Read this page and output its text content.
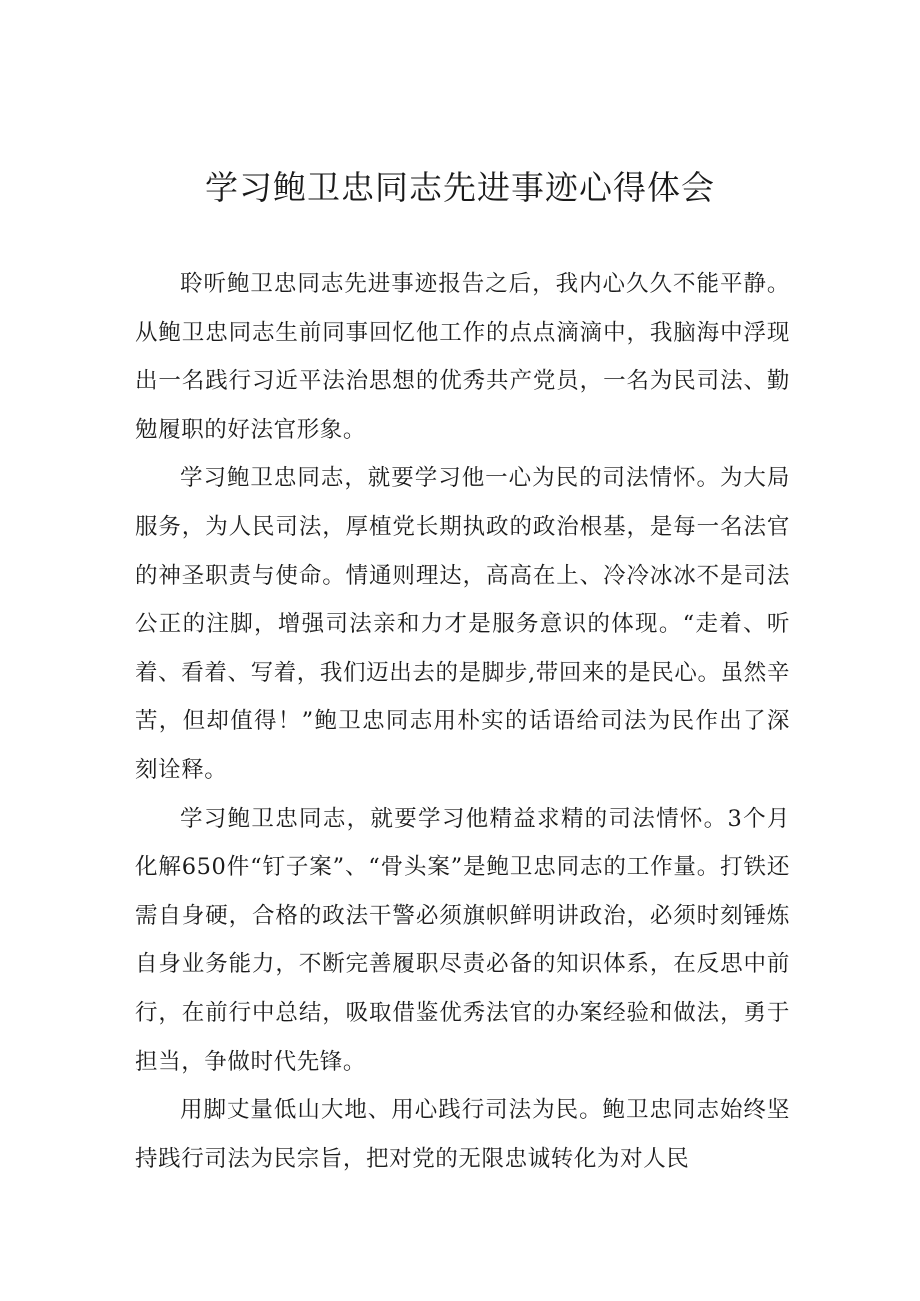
学习鲍卫忠同志先进事迹心得体会

聆听鲍卫忠同志先进事迹报告之后，我内心久久不能平静。从鲍卫忠同志生前同事回忆他工作的点点滴滴中，我脑海中浮现出一名践行习近平法治思想的优秀共产党员，一名为民司法、勤勉履职的好法官形象。

学习鲍卫忠同志，就要学习他一心为民的司法情怀。为大局服务，为人民司法，厚植党长期执政的政治根基，是每一名法官的神圣职责与使命。情通则理达，高高在上、冷冷冰冰不是司法公正的注脚，增强司法亲和力才是服务意识的体现。“走着、听着、看着、写着，我们迈出去的是脚步,带回来的是民心。虽然辛苦，但却值得！”鲍卫忠同志用朴实的话语给司法为民作出了深刻诠释。

学习鲍卫忠同志，就要学习他精益求精的司法情怀。3个月化解650件“钉子案”、“骨头案”是鲍卫忠同志的工作量。打铁还需自身硬，合格的政法干警必须旗帜鲜明讲政治，必须时刻锤炼自身业务能力，不断完善履职尽责必备的知识体系，在反思中前行，在前行中总结，吸取借鉴优秀法官的办案经验和做法，勇于担当，争做时代先锋。

用脚丈量低山大地、用心践行司法为民。鲍卫忠同志始终坚持践行司法为民宗旨，把对党的无限忠诚转化为对人民
